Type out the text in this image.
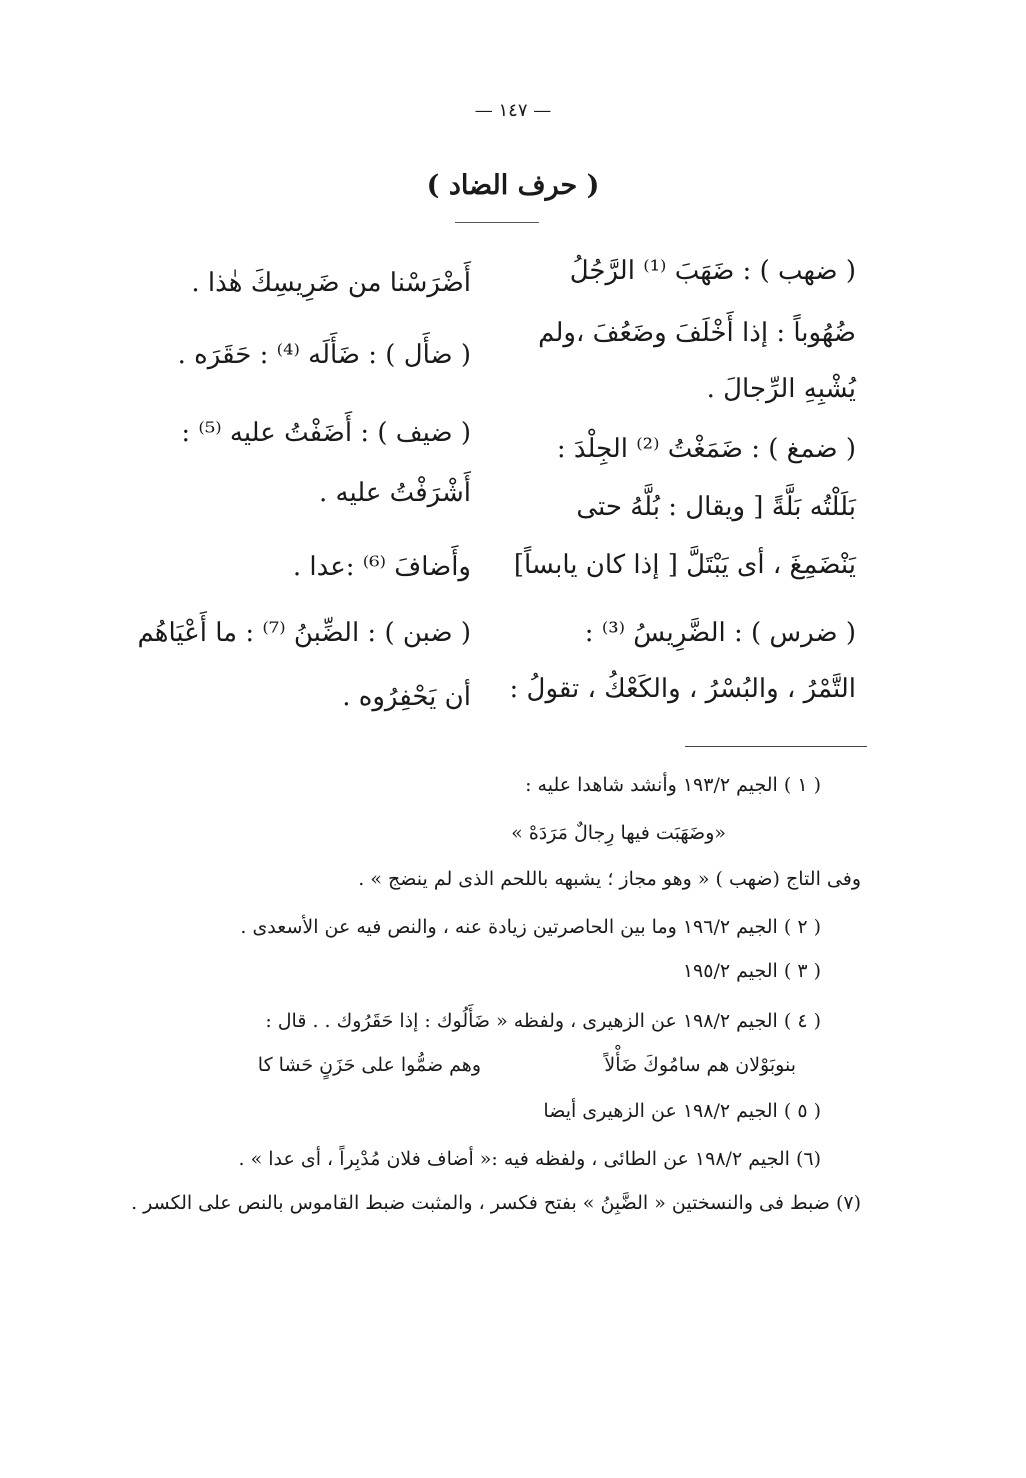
— ١٤٧ —
( حرف الضاد )
( ضهب ) : ضَهَبَ ⁽¹⁾ الرَّجُلُ
ضُهُوباً : إذا أَخْلَفَ وضَعُفَ ،ولم
يُشْبِهِ الرِّجالَ .
( ضمغ ) : ضَمَغْتُ ⁽²⁾ الجِلْدَ :
بَلَلْتُه بَلَّةً [ ويقال : بُلَّهُ حتى
يَنْضَمِغَ ، أى يَبْتَلَّ [ إذا كان يابساً]
( ضرس ) : الضَّرِيسُ ⁽³⁾ :
التَّمْرُ ، والبُسْرُ ، والكَعْكُ ، تقولُ :
أَضْرَسْنا من ضَرِيسِكَ هٰذا .
( ضأَل ) : ضَأَلَه ⁽⁴⁾ : حَقَرَه .
( ضيف ) : أَضَفْتُ عليه ⁽⁵⁾ :
أَشْرَفْتُ عليه .
وأَضافَ ⁽⁶⁾ :عدا .
( ضبن ) : الضِّبنُ ⁽⁷⁾ : ما أَعْيَاهُم
أن يَحْفِرُوه .
( ١ ) الجيم ١٩٣/٢ وأنشد شاهدا عليه :
«وضَهَبَت فيها رِجالٌ مَرَدَهْ »
وفى التاج (ضهب ) « وهو مجاز ؛ يشبهه باللحم الذى لم ينضج » .
( ٢ ) الجيم ١٩٦/٢ وما بين الحاصرتين زيادة عنه ، والنص فيه عن الأسعدى .
( ٣ ) الجيم ١٩٥/٢
( ٤ ) الجيم ١٩٨/٢ عن الزهيرى ، ولفظه « ضَأَلُوك : إذا حَقَرُوك . . قال :
بنوبَوْلان هم سامُوكَ ضَأْلاً
وهم ضمُّوا على حَزَنٍ حَشا كا
( ٥ ) الجيم ١٩٨/٢ عن الزهيرى أيضا
(٦) الجيم ١٩٨/٢ عن الطائى ، ولفظه فيه :« أضاف فلان مُدْبِراً ، أى عدا » .
(٧) ضبط فى والنسختين « الضَّبِنُ » بفتح فكسر ، والمثبت ضبط القاموس بالنص على الكسر .
